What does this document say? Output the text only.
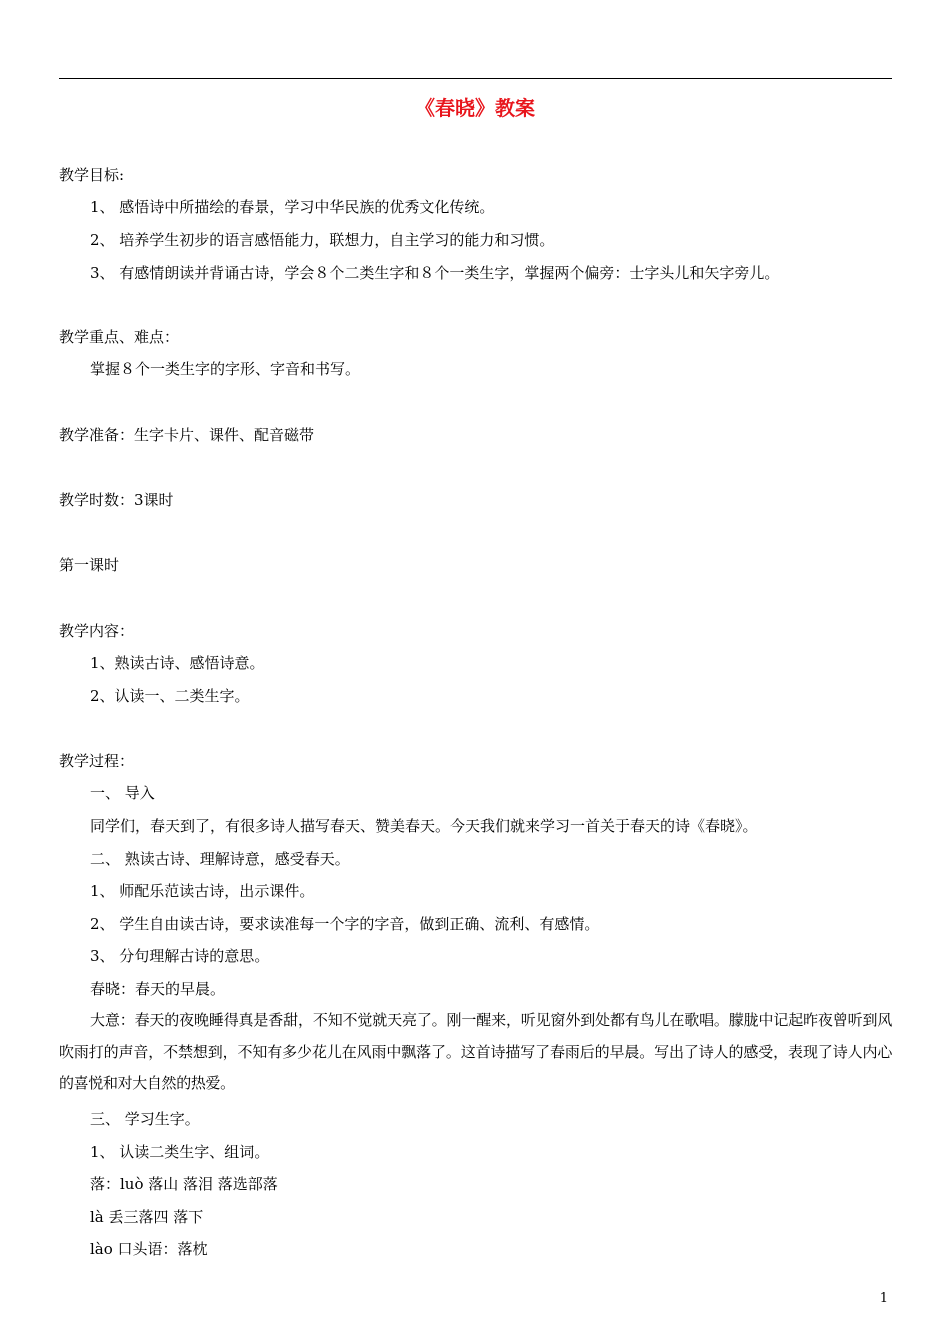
《春晓》教案
教学目标:
1、 感悟诗中所描绘的春景，学习中华民族的优秀文化传统。
2、 培养学生初步的语言感悟能力，联想力，自主学习的能力和习惯。
3、 有感情朗读并背诵古诗，学会８个二类生字和８个一类生字，掌握两个偏旁：士字头儿和矢字旁儿。
教学重点、难点：
掌握８个一类生字的字形、字音和书写。
教学准备：生字卡片、课件、配音磁带
教学时数：3课时
第一课时
教学内容：
1、熟读古诗、感悟诗意。
2、认读一、二类生字。
教学过程：
一、 导入
同学们，春天到了，有很多诗人描写春天、赞美春天。今天我们就来学习一首关于春天的诗《春晓》。
二、 熟读古诗、理解诗意，感受春天。
1、 师配乐范读古诗，出示课件。
2、 学生自由读古诗，要求读准每一个字的字音，做到正确、流利、有感情。
3、 分句理解古诗的意思。
春晓：春天的早晨。
大意：春天的夜晚睡得真是香甜，不知不觉就天亮了。刚一醒来，听见窗外到处都有鸟儿在歌唱。朦胧中记起昨夜曾听到风吹雨打的声音，不禁想到，不知有多少花儿在风雨中飘落了。这首诗描写了春雨后的早晨。写出了诗人的感受，表现了诗人内心的喜悦和对大自然的热爱。
三、 学习生字。
1、 认读二类生字、组词。
落：luò 落山 落泪 落选部落
là 丢三落四 落下
lào 口头语：落枕
1
